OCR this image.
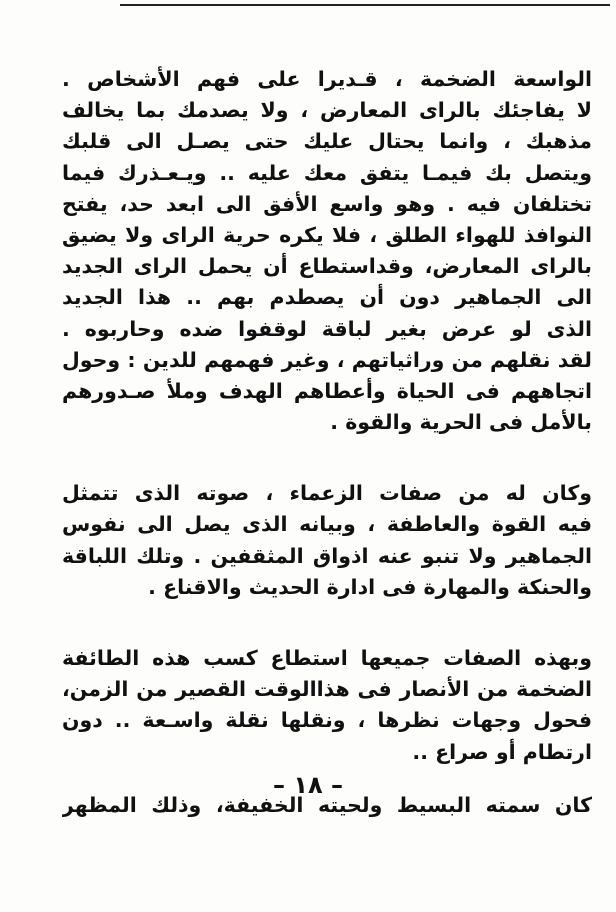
الواسعة الضخمة ، قـديرا على فهم الأشخاص .
لا يفاجئك بالراى المعارض ، ولا يصدمك بما يخالف
مذهبك ، وانما يحتال عليك حتى يصـل الى قلبك
ويتصل بك فيمـا يتفق معك عليه .. ويـعـذرك فيما
تختلفان فيه . وهو واسع الأفق الى ابعد حد، يفتح
النوافذ للهواء الطلق ، فلا يكره حرية الراى ولا يضيق
بالراى المعارض، وقداستطاع أن يحمل الراى الجديد
الى الجماهير دون أن يصطدم بهم .. هذا الجديد
الذى لو عرض بغير لباقة لوقفوا ضده وحاربوه .
لقد نقلهم من وراثياتهم ، وغير فهمهم للدين : وحول
اتجاههم فى الحياة وأعطاهم الهدف وملأ صـدورهم
بالأمل فى الحرية والقوة .
وكان له من صفات الزعماء ، صوته الذى تتمثل
فيه القوة والعاطفة ، وبيانه الذى يصل الى نفوس
الجماهير ولا تنبو عنه اذواق المثقفين . وتلك اللباقة
والحنكة والمهارة فى ادارة الحديث والاقناع .
وبهذه الصفات جميعها استطاع كسب هذه الطائفة
الضخمة من الأنصار فى هذاالوقت القصير من الزمن،
فحول وجهات نظرها ، ونقلها نقلة واسـعة .. دون
ارتطام أو صراع ..
كان سمته البسيط ولحيته الخفيفة، وذلك المظهر
– ١٨ –
